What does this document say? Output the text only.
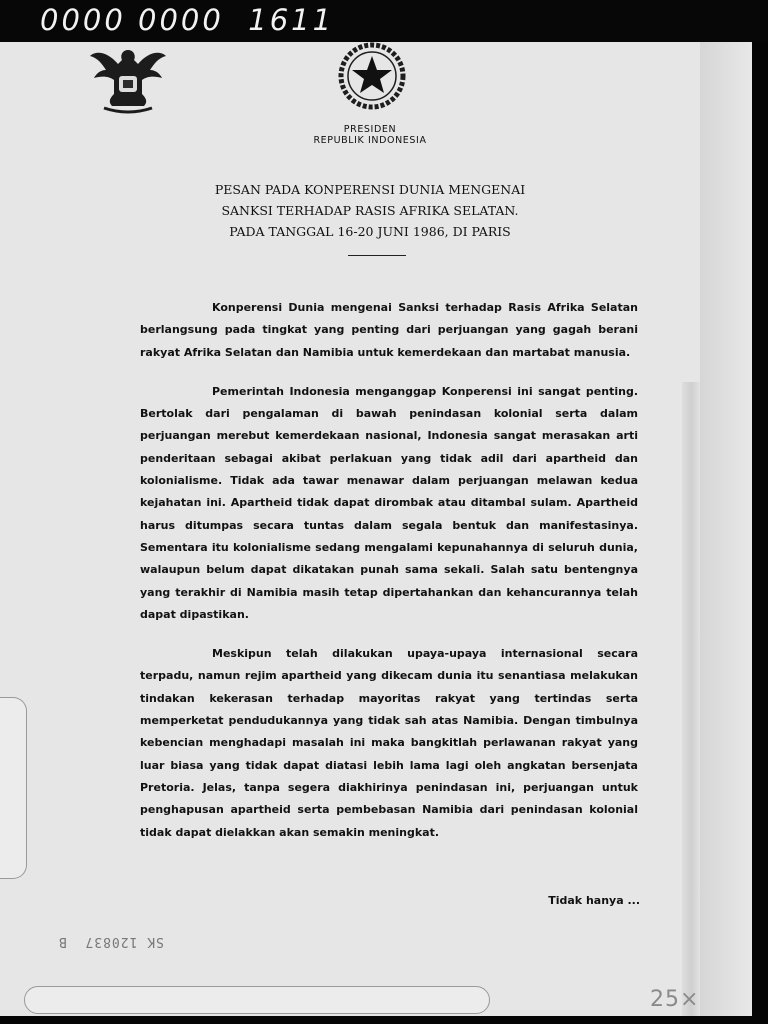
0000 0000  1611
PRESIDEN
REPUBLIK INDONESIA
PESAN PADA KONPERENSI DUNIA MENGENAI
SANKSI TERHADAP RASIS AFRIKA SELATAN.
PADA TANGGAL 16-20 JUNI 1986, DI PARIS

Konperensi Dunia mengenai Sanksi terhadap Rasis Afrika Selatan berlangsung pada tingkat yang penting dari perjuangan yang gagah berani rakyat Afrika Selatan dan Namibia untuk kemerdekaan dan martabat manusia.

Pemerintah Indonesia menganggap Konperensi ini sangat penting. Bertolak dari pengalaman di bawah penindasan kolonial serta dalam perjuangan merebut kemerdekaan nasional, Indonesia sangat merasakan arti penderitaan sebagai akibat perlakuan yang tidak adil dari apartheid dan kolonialisme. Tidak ada tawar menawar dalam perjuangan melawan kedua kejahatan ini. Apartheid tidak dapat dirombak atau ditambal sulam. Apartheid harus ditumpas secara tuntas dalam segala bentuk dan manifestasinya. Sementara itu kolonialisme sedang mengalami kepunahannya di seluruh dunia, walaupun belum dapat dikatakan punah sama sekali. Salah satu bentengnya yang terakhir di Namibia masih tetap dipertahankan dan kehancurannya telah dapat dipastikan.

Meskipun telah dilakukan upaya-upaya internasional secara terpadu, namun rejim apartheid yang dikecam dunia itu senantiasa melakukan tindakan kekerasan terhadap mayoritas rakyat yang tertindas serta memperketat pendudukannya yang tidak sah atas Namibia. Dengan timbulnya kebencian menghadapi masalah ini maka bangkitlah perlawanan rakyat yang luar biasa yang tidak dapat diatasi lebih lama lagi oleh angkatan bersenjata Pretoria. Jelas, tanpa segera diakhirinya penindasan ini, perjuangan untuk penghapusan apartheid serta pembebasan Namibia dari penindasan kolonial tidak dapat dielakkan akan semakin meningkat.

Tidak hanya ...
SK 120837  B
25×
